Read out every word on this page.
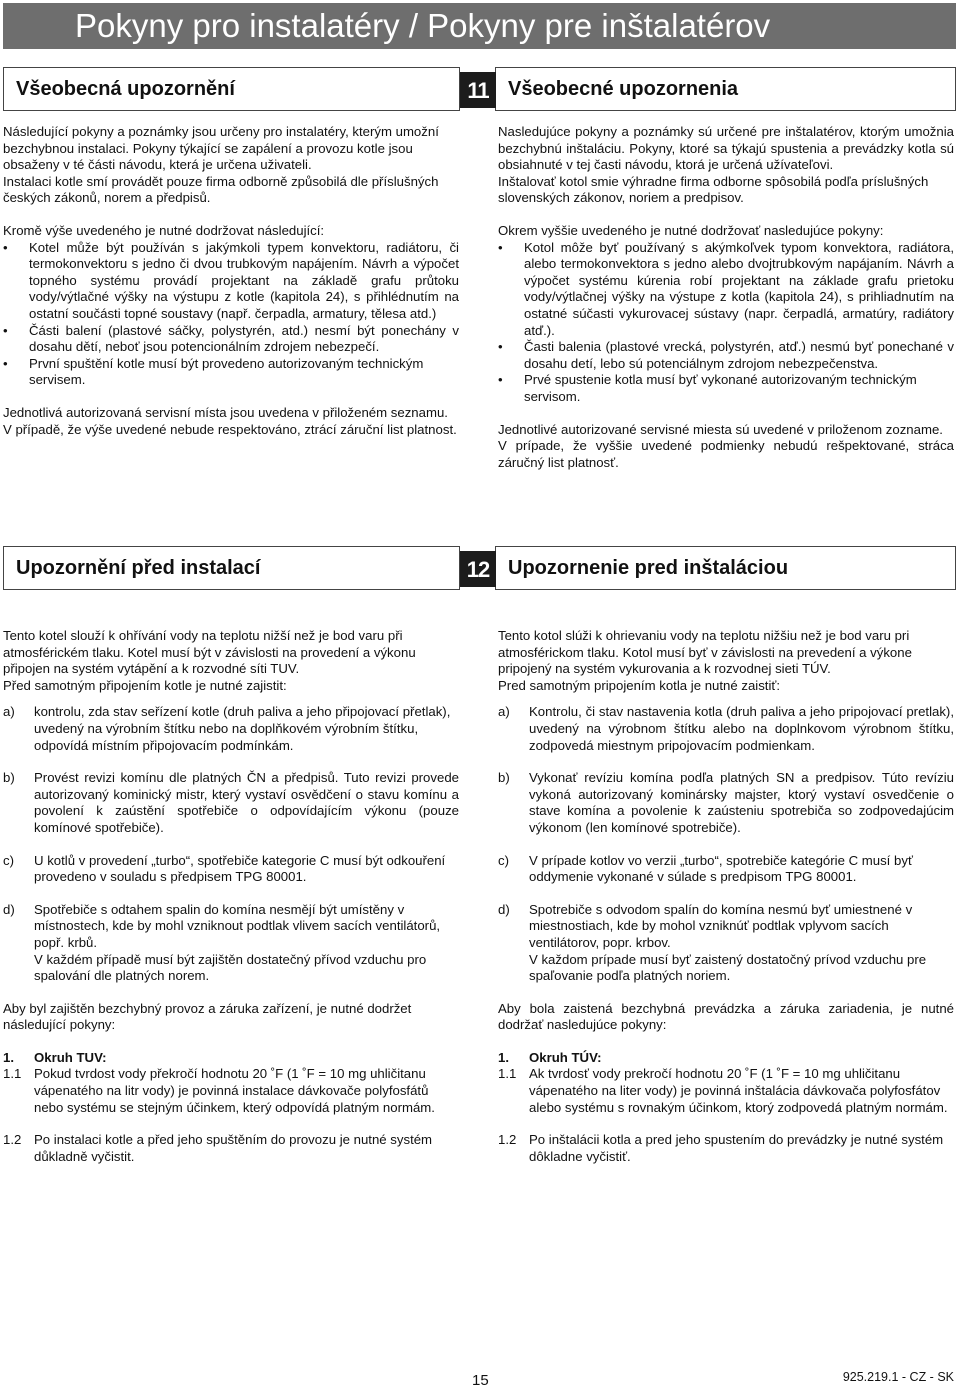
Pokyny pro instalatéry / Pokyny pre inštalatérov
Všeobecná upozornění	Všeobecné upozornenia
11

Následující pokyny a poznámky jsou určeny pro instalatéry, kterým umožní bezchybnou instalaci. Pokyny týkající se zapálení a provozu kotle jsou obsaženy v té části návodu, která je určena uživateli.

Instalaci kotle smí provádět pouze firma odborně způsobilá dle příslušných českých zákonů, norem a předpisů.

Kromě výše uvedeného je nutné dodržovat následující:

•	Kotel může být používán s jakýmkoli typem konvektoru, radiátoru, či termokonvektoru s jedno či dvou trubkovým napájením. Návrh a výpočet topného systému provádí projektant na základě grafu průtoku vody/výtlačné výšky na výstupu z kotle (kapitola 24), s přihlédnutím na ostatní součásti topné soustavy (např. čerpadla, armatury, tělesa atd.)
•	Části balení (plastové sáčky, polystyrén, atd.) nesmí být ponechány v dosahu dětí, neboť jsou potencionálním zdrojem nebezpečí.
•	První spuštění kotle musí být provedeno autorizovaným technickým servisem.

Jednotlivá autorizovaná servisní místa jsou uvedena v přiloženém seznamu.

V případě, že výše uvedené nebude respektováno, ztrácí záruční list platnost.

Nasledujúce pokyny a poznámky sú určené pre inštalatérov, ktorým umožnia bezchybnú inštaláciu. Pokyny, ktoré sa týkajú spustenia a prevádzky kotla sú obsiahnuté v tej časti návodu, ktorá je určená užívateľovi.

Inštalovať kotol smie výhradne firma odborne spôsobilá podľa príslušných slovenských zákonov, noriem a predpisov.

Okrem vyššie uvedeného je nutné dodržovať nasledujúce pokyny:

•	Kotol môže byť používaný s akýmkoľvek typom konvektora, radiátora, alebo termokonvektora s jedno alebo dvojtrubkovým napájaním. Návrh a výpočet systému kúrenia robí projektant na základe grafu prietoku vody/výtlačnej výšky na výstupe z kotla (kapitola 24), s prihliadnutím na ostatné súčasti vykurovacej sústavy (napr. čerpadlá, armatúry, radiátory atď.).
•	Časti balenia (plastové vrecká, polystyrén, atď.) nesmú byť ponechané v dosahu detí, lebo sú potenciálnym zdrojom nebezpečenstva.
•	Prvé spustenie kotla musí byť vykonané autorizovaným technickým servisom.

Jednotlivé autorizované servisné miesta sú uvedené v priloženom zozname.

V prípade, že vyššie uvedené podmienky nebudú rešpektované, stráca záručný list platnosť.

Upozornění před instalací	Upozornenie pred inštaláciou
12

Tento kotel slouží k ohřívání vody na teplotu nižší než je bod varu při atmosférickém tlaku. Kotel musí být v závislosti na provedení a výkonu připojen na systém vytápění a k rozvodné síti TUV.

Před samotným připojením kotle je nutné zajistit:

a)	kontrolu, zda stav seřízení kotle (druh paliva a jeho připojovací přetlak), uvedený na výrobním štítku nebo na doplňkovém výrobním štítku, odpovídá místním připojovacím podmínkám.
b)	Provést revizi komínu dle platných ČN a předpisů. Tuto revizi provede autorizovaný kominický mistr, který vystaví osvědčení o stavu komínu a povolení k zaústění spotřebiče o odpovídajícím výkonu (pouze komínové spotřebiče).
c)	U kotlů v provedení „turbo“, spotřebiče kategorie C musí být odkouření provedeno v souladu s předpisem TPG 80001.
d)	Spotřebiče s odtahem spalin do komína nesmějí být umístěny v místnostech, kde by mohl vzniknout podtlak vlivem sacích ventilátorů, popř. krbů.
V každém případě musí být zajištěn dostatečný přívod vzduchu pro spalování dle platných norem.

Aby byl zajištěn bezchybný provoz a záruka zařízení, je nutné dodržet následující pokyny:

1.	Okruh TUV:
1.1 Pokud tvrdost vody překročí hodnotu 20 ˚F (1 ˚F = 10 mg uhličitanu vápenatého na litr vody) je povinná instalace dávkovače polyfosfátů nebo systému se stejným účinkem, který odpovídá platným normám.
1.2 Po instalaci kotle a před jeho spuštěním do provozu je nutné systém důkladně vyčistit.

Tento kotol slúži k ohrievaniu vody na teplotu nižšiu než je bod varu pri atmosférickom tlaku. Kotol musí byť v závislosti na prevedení a výkone pripojený na systém vykurovania a k rozvodnej sieti TÚV.

Pred samotným pripojením kotla je nutné zaistiť:

a)	Kontrolu, či stav nastavenia kotla (druh paliva a jeho pripojovací pretlak), uvedený na výrobnom štítku alebo na doplnkovom výrobnom štítku, zodpovedá miestnym pripojovacím podmienkam.
b)	Vykonať revíziu komína podľa platných SN a predpisov. Túto revíziu vykoná autorizovaný kominársky majster, ktorý vystaví osvedčenie o stave komína a povolenie k zaústeniu spotrebiča so zodpovedajúcim výkonom (len komínové spotrebiče).
c)	V prípade kotlov vo verzii „turbo“, spotrebiče kategórie C musí byť oddymenie vykonané v súlade s predpisom TPG 80001.
d)	Spotrebiče s odvodom spalín do komína nesmú byť umiestnené v miestnostiach, kde by mohol vzniknúť podtlak vplyvom sacích ventilátorov, popr. krbov.
V každom prípade musí byť zaistený dostatočný prívod vzduchu pre spaľovanie podľa platných noriem.

Aby bola zaistená bezchybná prevádzka a záruka zariadenia, je nutné dodržať nasledujúce pokyny:

1.	Okruh TÚV:
1.1 Ak tvrdosť vody prekročí hodnotu 20 ˚F (1 ˚F = 10 mg uhličitanu vápenatého na liter vody) je povinná inštalácia dávkovača polyfosfátov alebo systému s rovnakým účinkom, ktorý zodpovedá platným normám.
1.2 Po inštalácii kotla a pred jeho spustením do prevádzky je nutné systém dôkladne vyčistiť.
15	925.219.1 - CZ - SK
